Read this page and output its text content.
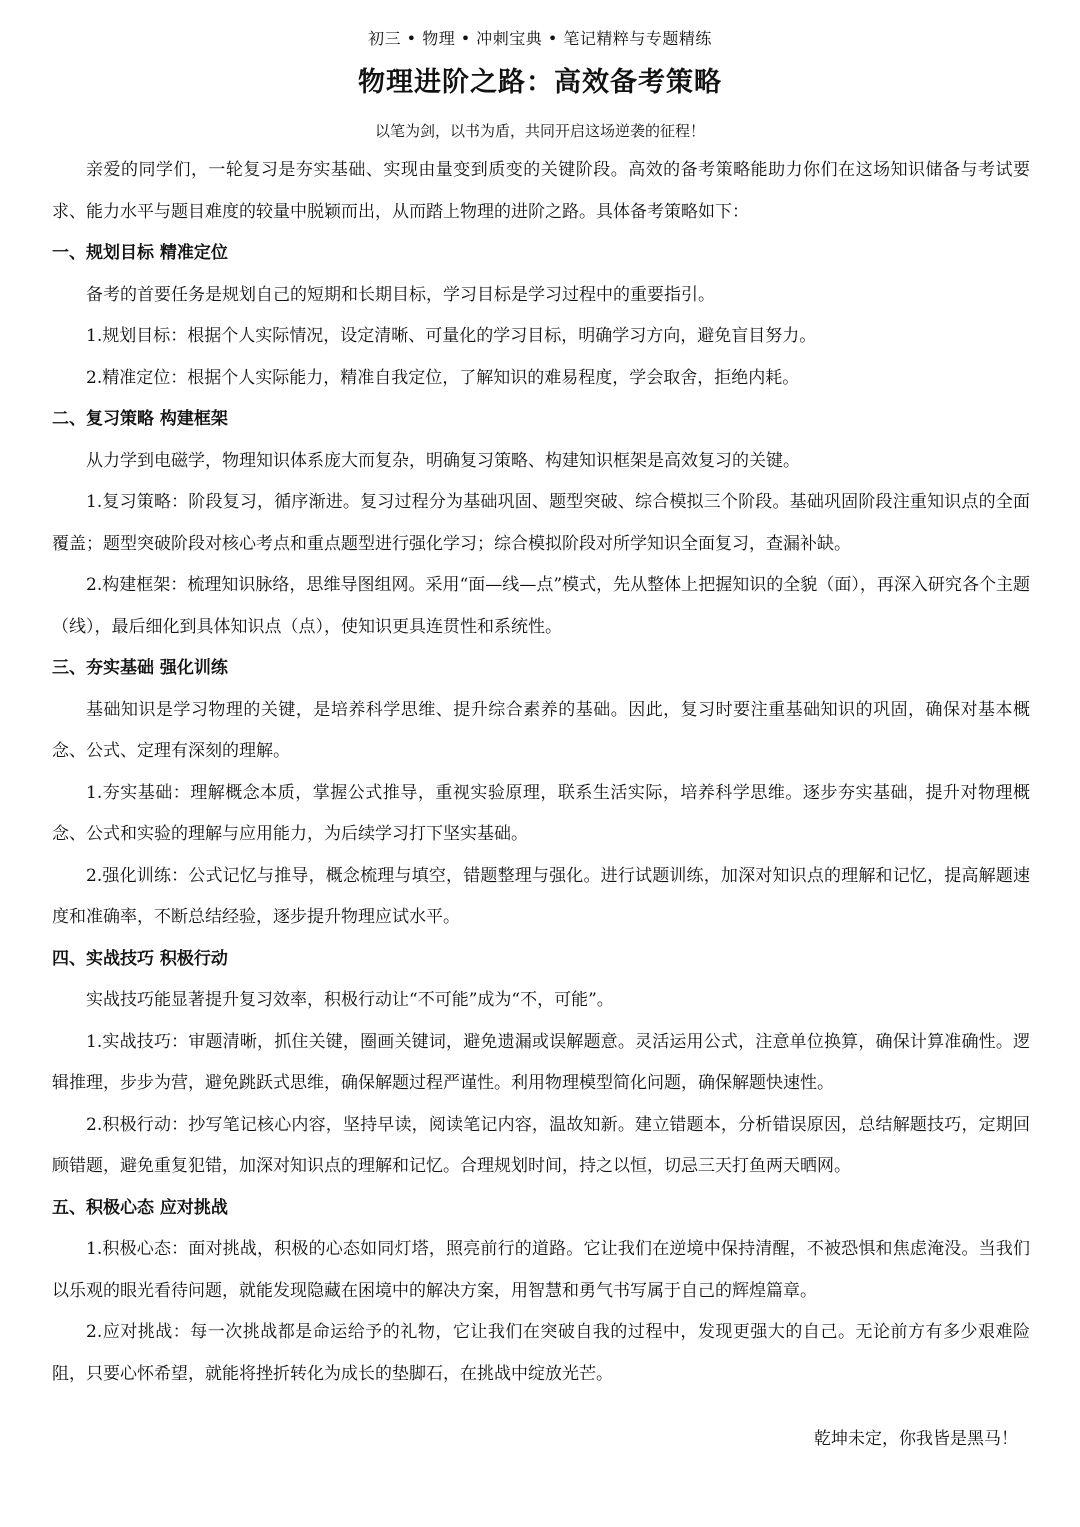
初三 • 物理 • 冲刺宝典 • 笔记精粹与专题精练
物理进阶之路：高效备考策略
以笔为剑，以书为盾，共同开启这场逆袭的征程！

亲爱的同学们，一轮复习是夯实基础、实现由量变到质变的关键阶段。高效的备考策略能助力你们在这场知识储备与考试要求、能力水平与题目难度的较量中脱颖而出，从而踏上物理的进阶之路。具体备考策略如下：

一、规划目标 精准定位

备考的首要任务是规划自己的短期和长期目标，学习目标是学习过程中的重要指引。

1.规划目标：根据个人实际情况，设定清晰、可量化的学习目标，明确学习方向，避免盲目努力。

2.精准定位：根据个人实际能力，精准自我定位，了解知识的难易程度，学会取舍，拒绝内耗。

二、复习策略 构建框架

从力学到电磁学，物理知识体系庞大而复杂，明确复习策略、构建知识框架是高效复习的关键。

1.复习策略：阶段复习，循序渐进。复习过程分为基础巩固、题型突破、综合模拟三个阶段。基础巩固阶段注重知识点的全面覆盖；题型突破阶段对核心考点和重点题型进行强化学习；综合模拟阶段对所学知识全面复习，查漏补缺。

2.构建框架：梳理知识脉络，思维导图组网。采用“面—线—点”模式，先从整体上把握知识的全貌（面），再深入研究各个主题（线），最后细化到具体知识点（点），使知识更具连贯性和系统性。

三、夯实基础 强化训练

基础知识是学习物理的关键，是培养科学思维、提升综合素养的基础。因此，复习时要注重基础知识的巩固，确保对基本概念、公式、定理有深刻的理解。

1.夯实基础：理解概念本质，掌握公式推导，重视实验原理，联系生活实际，培养科学思维。逐步夯实基础，提升对物理概念、公式和实验的理解与应用能力，为后续学习打下坚实基础。

2.强化训练：公式记忆与推导，概念梳理与填空，错题整理与强化。进行试题训练，加深对知识点的理解和记忆，提高解题速度和准确率，不断总结经验，逐步提升物理应试水平。

四、实战技巧 积极行动

实战技巧能显著提升复习效率，积极行动让“不可能”成为“不，可能”。

1.实战技巧：审题清晰，抓住关键，圈画关键词，避免遗漏或误解题意。灵活运用公式，注意单位换算，确保计算准确性。逻辑推理，步步为营，避免跳跃式思维，确保解题过程严谨性。利用物理模型简化问题，确保解题快速性。

2.积极行动：抄写笔记核心内容，坚持早读，阅读笔记内容，温故知新。建立错题本，分析错误原因，总结解题技巧，定期回顾错题，避免重复犯错，加深对知识点的理解和记忆。合理规划时间，持之以恒，切忌三天打鱼两天晒网。

五、积极心态 应对挑战

1.积极心态：面对挑战，积极的心态如同灯塔，照亮前行的道路。它让我们在逆境中保持清醒，不被恐惧和焦虑淹没。当我们以乐观的眼光看待问题，就能发现隐藏在困境中的解决方案，用智慧和勇气书写属于自己的辉煌篇章。

2.应对挑战：每一次挑战都是命运给予的礼物，它让我们在突破自我的过程中，发现更强大的自己。无论前方有多少艰难险阻，只要心怀希望，就能将挫折转化为成长的垫脚石，在挑战中绽放光芒。

乾坤未定，你我皆是黑马！
